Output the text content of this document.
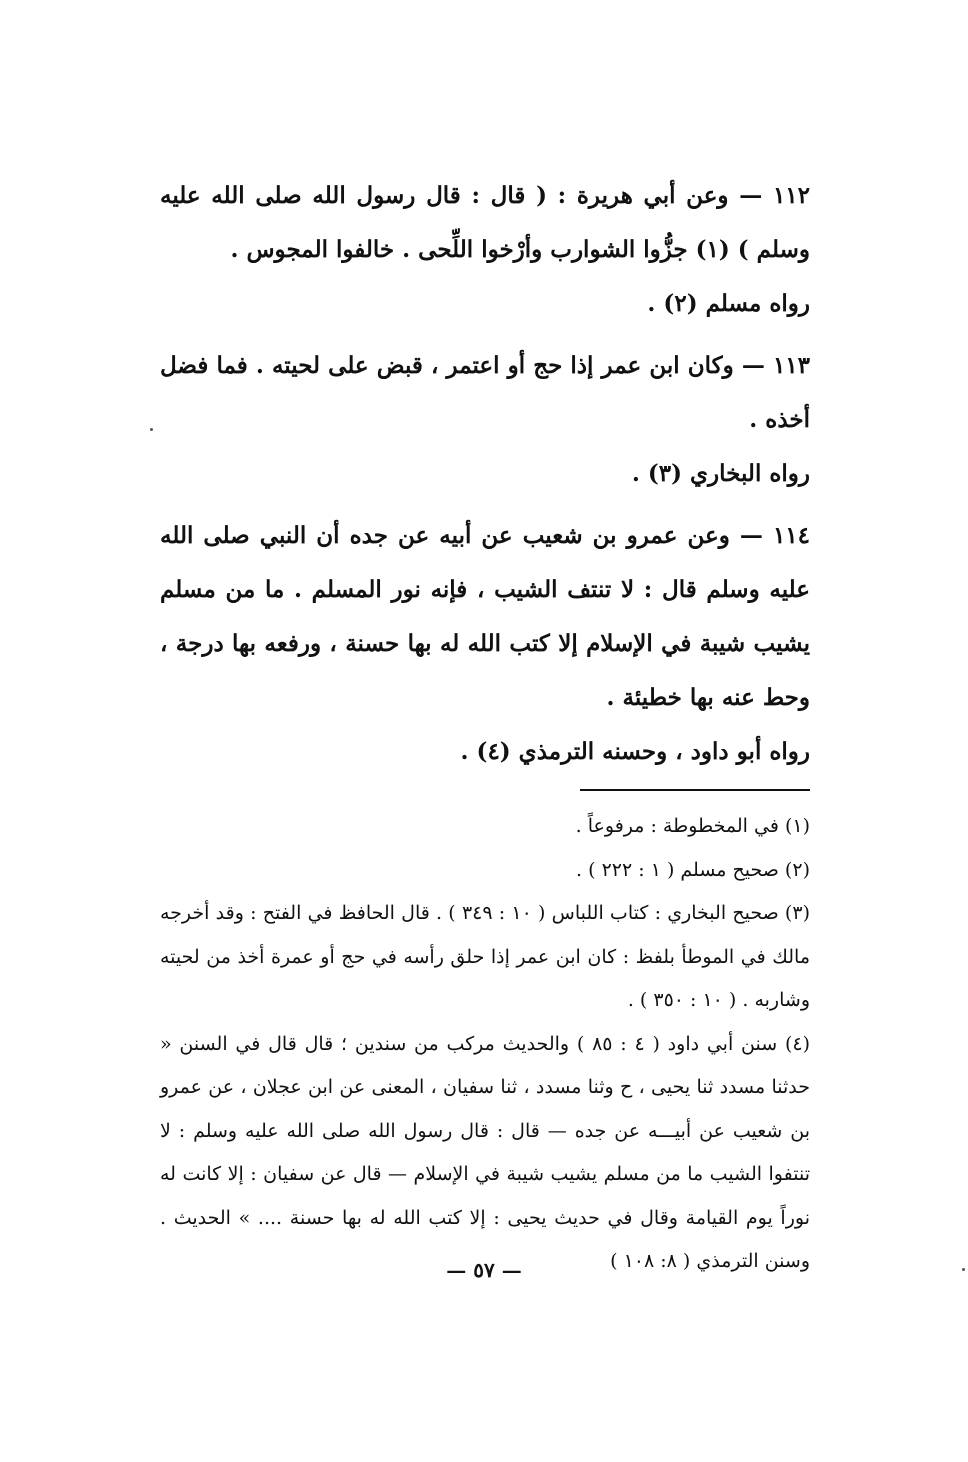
١١٢ — وعن أبي هريرة : ( قال : قال رسول الله صلى الله عليه وسلم ) (١) جزُّوا الشوارب وأرْخوا اللِّحى . خالفوا المجوس .

رواه مسلم (٢) .

١١٣ — وكان ابن عمر إذا حج أو اعتمر ، قبض على لحيته . فما فضل أخذه .

رواه البخاري (٣) .

١١٤ — وعن عمرو بن شعيب عن أبيه عن جده أن النبي صلى الله عليه وسلم قال : لا تنتف الشيب ، فإنه نور المسلم . ما من مسلم يشيب شيبة في الإسلام إلا كتب الله له بها حسنة ، ورفعه بها درجة ، وحط عنه بها خطيئة .

رواه أبو داود ، وحسنه الترمذي (٤) .

(١) في المخطوطة : مرفوعاً .

(٢) صحيح مسلم ( ١ : ٢٢٢ ) .

(٣) صحيح البخاري : كتاب اللباس ( ١٠ : ٣٤٩ ) . قال الحافظ في الفتح : وقد أخرجه مالك في الموطأ بلفظ : كان ابن عمر إذا حلق رأسه في حج أو عمرة أخذ من لحيته وشاربه . ( ١٠ : ٣٥٠ ) .

(٤) سنن أبي داود ( ٤ : ٨٥ ) والحديث مركب من سندين ؛ قال قال في السنن « حدثنا مسدد ثنا يحيى ، ح وثنا مسدد ، ثنا سفيان ، المعنى عن ابن عجلان ، عن عمرو بن شعيب عن أبيـــه عن جده — قال : قال رسول الله صلى الله عليه وسلم : لا تنتفوا الشيب ما من مسلم يشيب شيبة في الإسلام — قال عن سفيان : إلا كانت له نوراً يوم القيامة وقال في حديث يحيى : إلا كتب الله له بها حسنة .... » الحديث . وسنن الترمذي ( ٨: ١٠٨ )

— ٥٧ —
